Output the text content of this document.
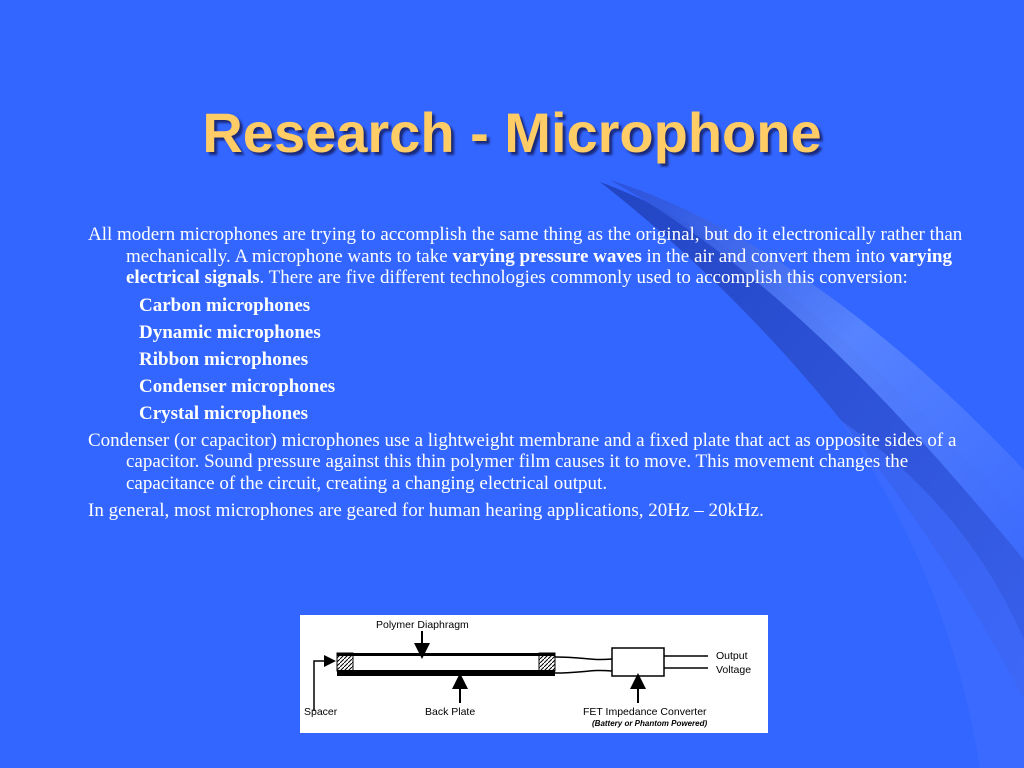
Research - Microphone

All modern microphones are trying to accomplish the same thing as the original, but do it electronically rather than mechanically. A microphone wants to take varying pressure waves in the air and convert them into varying electrical signals. There are five different technologies commonly used to accomplish this conversion:

Carbon microphones

Dynamic microphones

Ribbon microphones

Condenser microphones

Crystal microphones

Condenser (or capacitor) microphones use a lightweight membrane and a fixed plate that act as opposite sides of a capacitor. Sound pressure against this thin polymer film causes it to move. This movement changes the capacitance of the circuit, creating a changing electrical output.

In general, most microphones are geared for human hearing applications, 20Hz – 20kHz.

Polymer Diaphragm
Output
Voltage
Spacer	Back Plate	FET Impedance Converter
(Battery or Phantom Powered)
